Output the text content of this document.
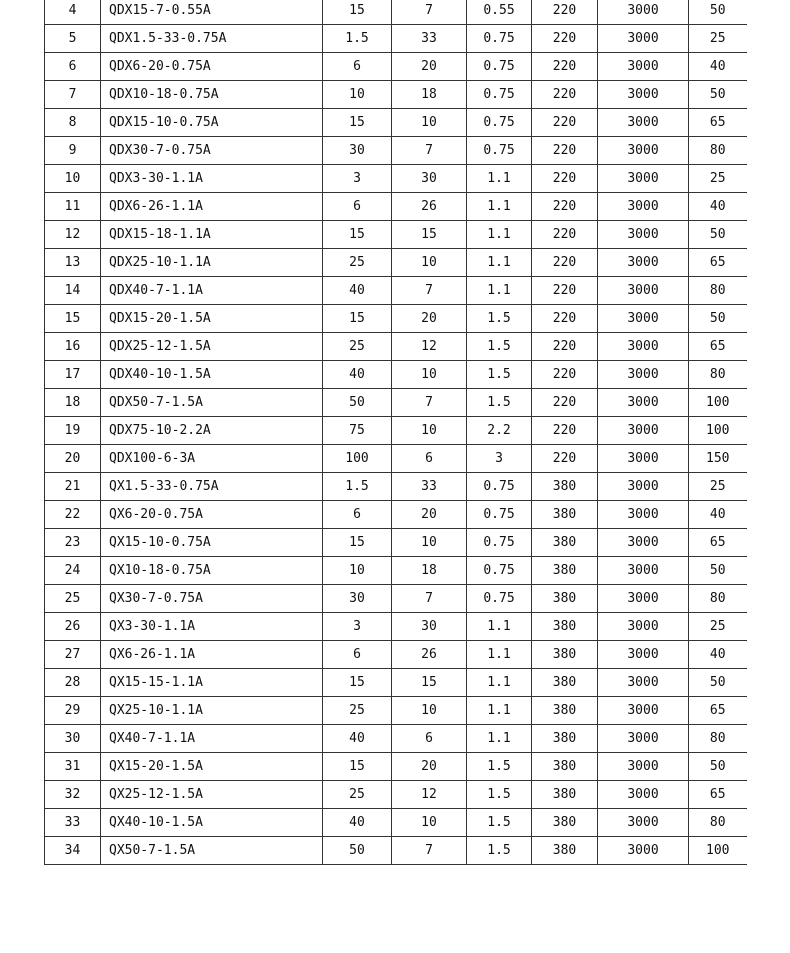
4	QDX15-7-0.55A	15	7	0.55	220	3000	50
5	QDX1.5-33-0.75A	1.5	33	0.75	220	3000	25
6	QDX6-20-0.75A	6	20	0.75	220	3000	40
7	QDX10-18-0.75A	10	18	0.75	220	3000	50
8	QDX15-10-0.75A	15	10	0.75	220	3000	65
9	QDX30-7-0.75A	30	7	0.75	220	3000	80
10	QDX3-30-1.1A	3	30	1.1	220	3000	25
11	QDX6-26-1.1A	6	26	1.1	220	3000	40
12	QDX15-18-1.1A	15	15	1.1	220	3000	50
13	QDX25-10-1.1A	25	10	1.1	220	3000	65
14	QDX40-7-1.1A	40	7	1.1	220	3000	80
15	QDX15-20-1.5A	15	20	1.5	220	3000	50
16	QDX25-12-1.5A	25	12	1.5	220	3000	65
17	QDX40-10-1.5A	40	10	1.5	220	3000	80
18	QDX50-7-1.5A	50	7	1.5	220	3000	100
19	QDX75-10-2.2A	75	10	2.2	220	3000	100
20	QDX100-6-3A	100	6	3	220	3000	150
21	QX1.5-33-0.75A	1.5	33	0.75	380	3000	25
22	QX6-20-0.75A	6	20	0.75	380	3000	40
23	QX15-10-0.75A	15	10	0.75	380	3000	65
24	QX10-18-0.75A	10	18	0.75	380	3000	50
25	QX30-7-0.75A	30	7	0.75	380	3000	80
26	QX3-30-1.1A	3	30	1.1	380	3000	25
27	QX6-26-1.1A	6	26	1.1	380	3000	40
28	QX15-15-1.1A	15	15	1.1	380	3000	50
29	QX25-10-1.1A	25	10	1.1	380	3000	65
30	QX40-7-1.1A	40	6	1.1	380	3000	80
31	QX15-20-1.5A	15	20	1.5	380	3000	50
32	QX25-12-1.5A	25	12	1.5	380	3000	65
33	QX40-10-1.5A	40	10	1.5	380	3000	80
34	QX50-7-1.5A	50	7	1.5	380	3000	100
